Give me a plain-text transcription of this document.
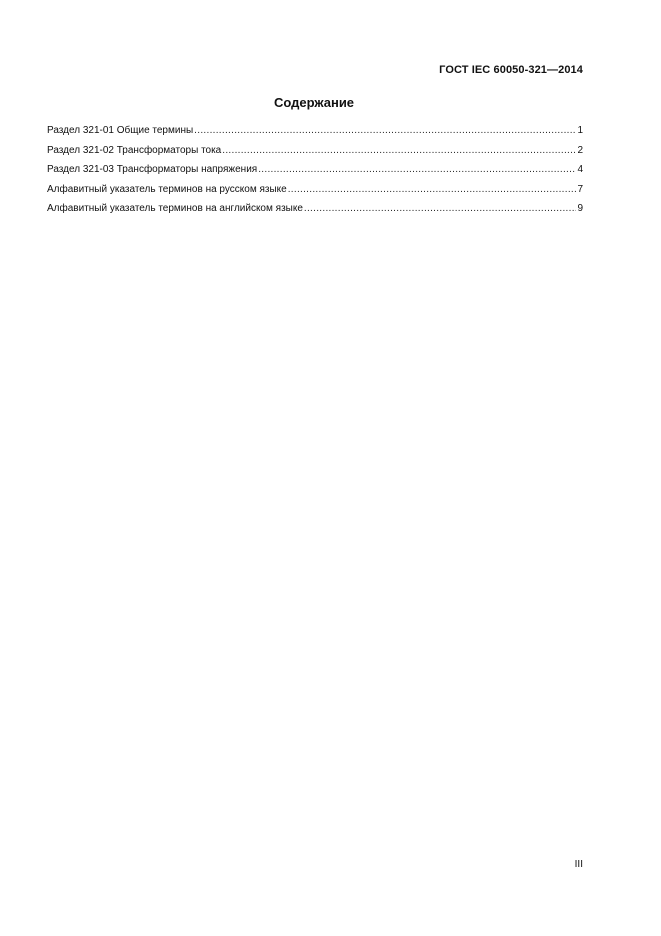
ГОСТ IEC 60050-321—2014
Содержание
Раздел 321-01 Общие термины .....	1
Раздел 321-02 Трансформаторы тока .....	2
Раздел 321-03 Трансформаторы напряжения .....	4
Алфавитный указатель терминов на русском языке .....	7
Алфавитный указатель терминов на английском языке .....	9
III
